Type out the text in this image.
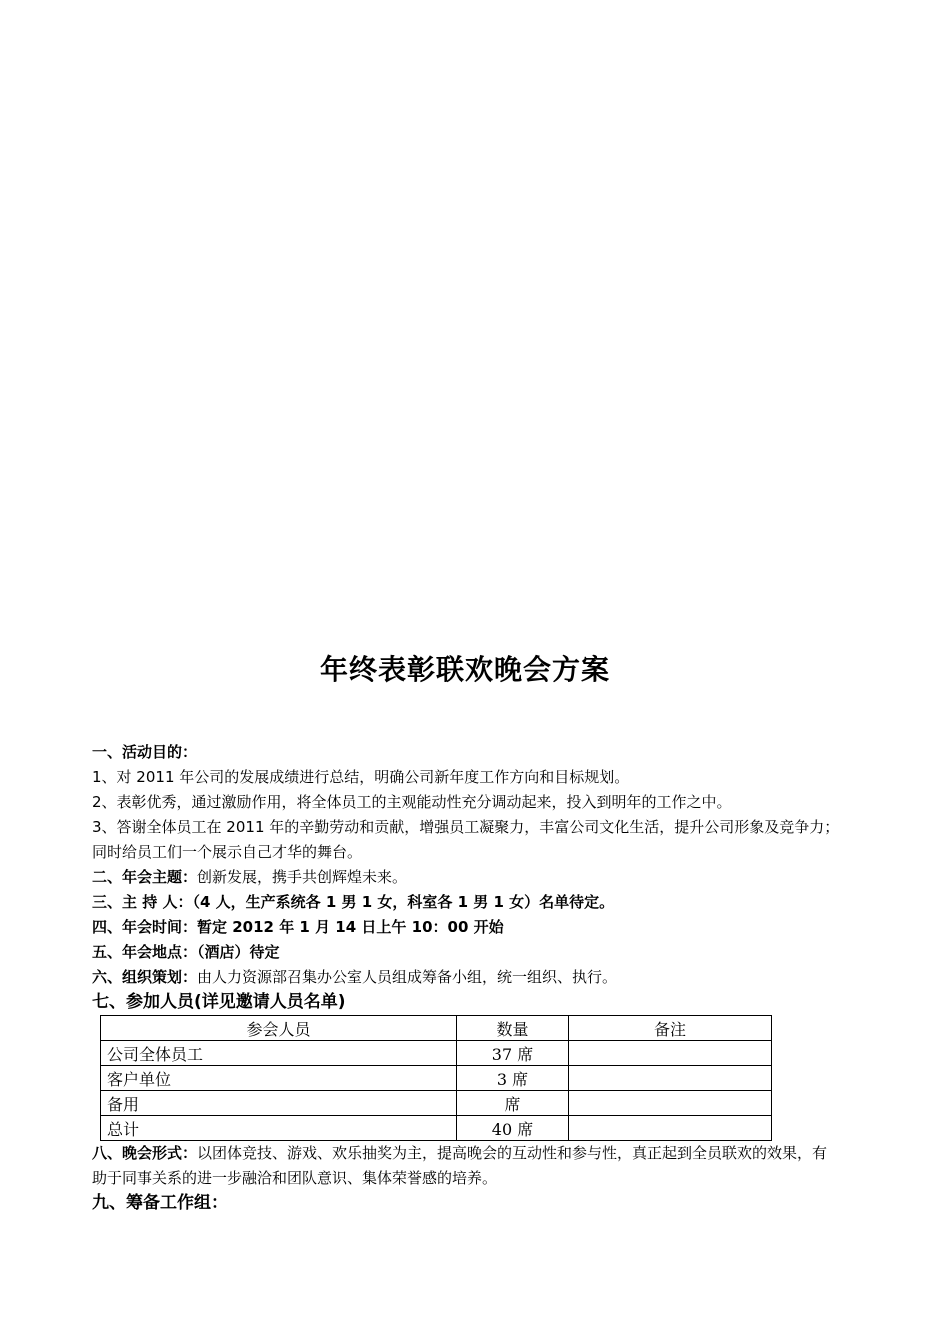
年终表彰联欢晚会方案
一、活动目的：
1、对 2011 年公司的发展成绩进行总结，明确公司新年度工作方向和目标规划。
2、表彰优秀，通过激励作用，将全体员工的主观能动性充分调动起来，投入到明年的工作之中。
3、答谢全体员工在 2011 年的辛勤劳动和贡献，增强员工凝聚力，丰富公司文化生活，提升公司形象及竞争力；同时给员工们一个展示自己才华的舞台。
二、年会主题：创新发展，携手共创辉煌未来。
三、主 持 人：（4 人，生产系统各 1 男 1 女，科室各 1 男 1 女）名单待定。
四、年会时间：暂定 2012 年 1 月 14 日上午 10：00 开始
五、年会地点：（酒店）待定
六、组织策划：由人力资源部召集办公室人员组成筹备小组，统一组织、执行。
七、参加人员(详见邀请人员名单)
参会人员	数量	备注
公司全体员工	37 席	
客户单位	3 席	
备用	席	
总计	40 席	
八、晚会形式：以团体竞技、游戏、欢乐抽奖为主，提高晚会的互动性和参与性，真正起到全员联欢的效果，有助于同事关系的进一步融洽和团队意识、集体荣誉感的培养。
九、筹备工作组：
